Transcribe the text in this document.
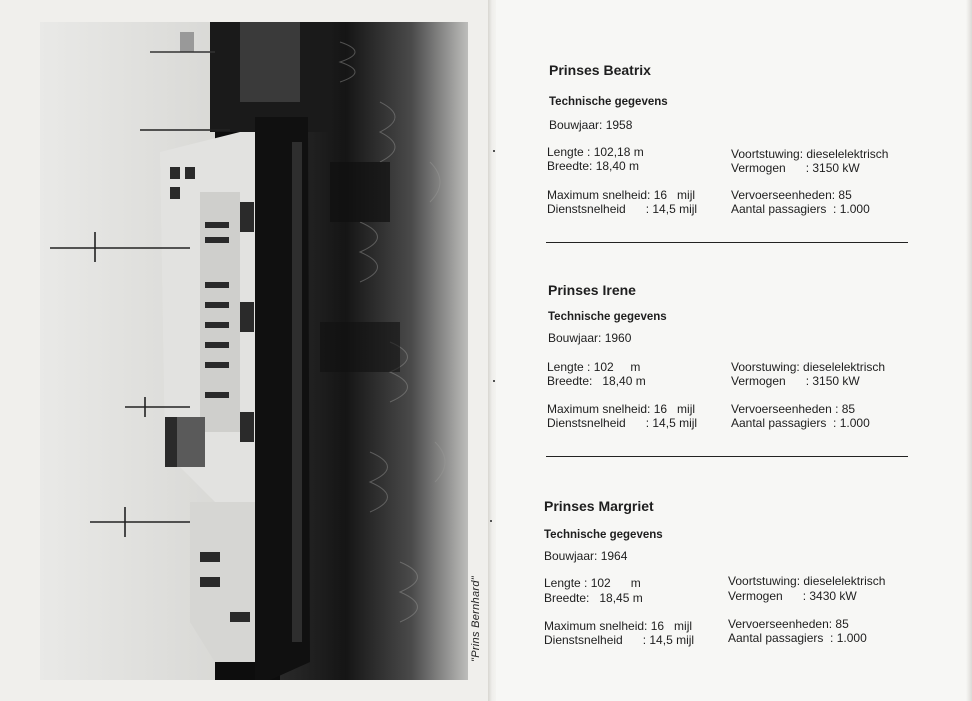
"Prins Bernhard"
Prinses Beatrix
Technische gegevens
Bouwjaar: 1958
Lengte : 102,18 m
Breedte: 18,40 m
Voortstuwing: dieselelektrisch
Vermogen      : 3150 kW
Maximum snelheid: 16   mijl
Dienstsnelheid      : 14,5 mijl
Vervoerseenheden: 85
Aantal passagiers  : 1.000
Prinses Irene
Technische gegevens
Bouwjaar: 1960
Lengte : 102     m
Breedte:   18,40 m
Voorstuwing: dieselelektrisch
Vermogen      : 3150 kW
Maximum snelheid: 16   mijl
Dienstsnelheid      : 14,5 mijl
Vervoerseenheden : 85
Aantal passagiers  : 1.000
Prinses Margriet
Technische gegevens
Bouwjaar: 1964
Lengte : 102      m
Breedte:   18,45 m
Voortstuwing: dieselelektrisch
Vermogen      : 3430 kW
Maximum snelheid: 16   mijl
Dienstsnelheid      : 14,5 mijl
Vervoerseenheden: 85
Aantal passagiers  : 1.000
